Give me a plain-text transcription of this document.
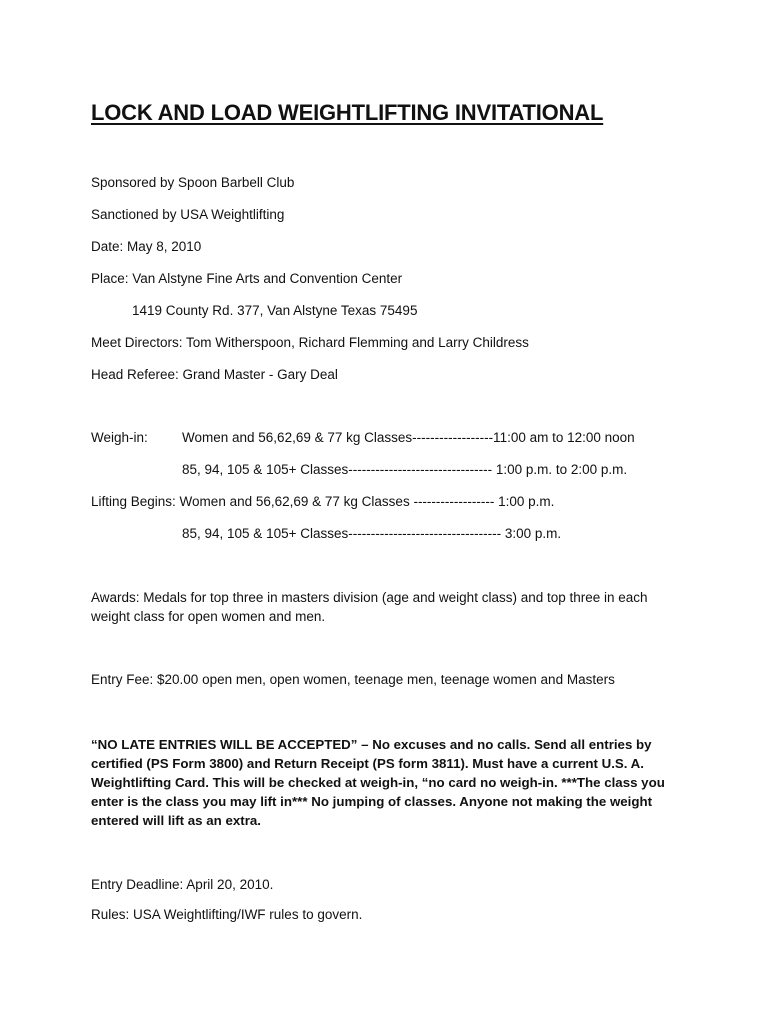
LOCK AND LOAD WEIGHTLIFTING INVITATIONAL
Sponsored by Spoon Barbell Club
Sanctioned by USA Weightlifting
Date: May 8, 2010
Place: Van Alstyne Fine Arts and Convention Center
1419 County Rd. 377, Van Alstyne Texas 75495
Meet Directors: Tom Witherspoon, Richard Flemming and Larry Childress
Head Referee: Grand Master - Gary Deal
Weigh-in:	Women and 56,62,69 & 77 kg Classes------------------11:00 am to 12:00 noon
85, 94, 105 & 105+ Classes-------------------------------- 1:00 p.m. to 2:00 p.m.
Lifting Begins: Women and 56,62,69 & 77 kg Classes ------------------ 1:00 p.m.
85, 94, 105 & 105+ Classes---------------------------------- 3:00 p.m.
Awards: Medals for top three in masters division (age and weight class) and top three in each weight class for open women and men.
Entry Fee: $20.00 open men, open women, teenage men, teenage women and Masters
“NO LATE ENTRIES WILL BE ACCEPTED” – No excuses and no calls. Send all entries by certified (PS Form 3800) and Return Receipt (PS form 3811). Must have a current U.S. A. Weightlifting Card. This will be checked at weigh-in, “no card no weigh-in. ***The class you enter is the class you may lift in*** No jumping of classes. Anyone not making the weight entered will lift as an extra.
Entry Deadline: April 20, 2010.
Rules: USA Weightlifting/IWF rules to govern.
